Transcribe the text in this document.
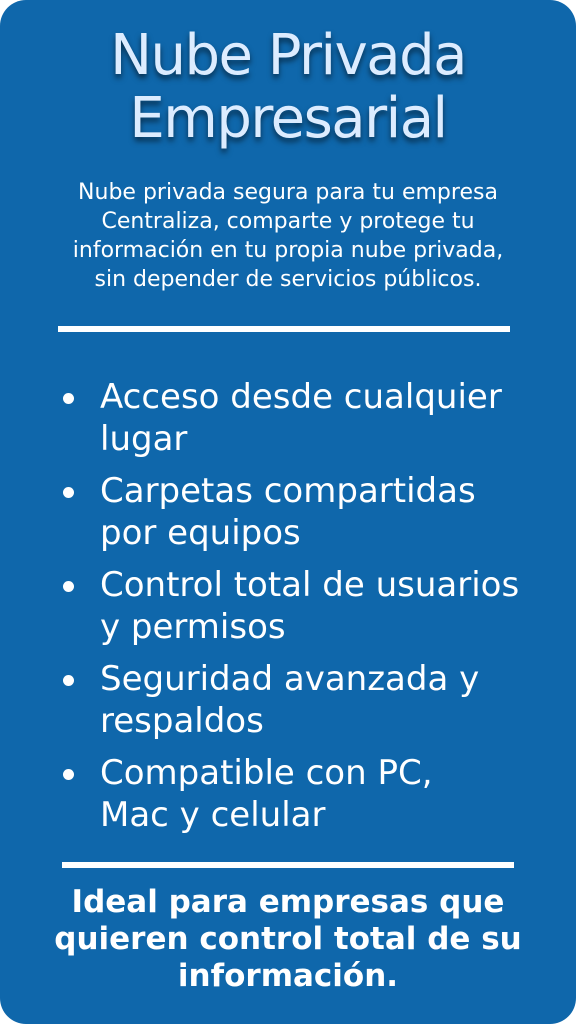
Nube Privada
Empresarial
Nube privada segura para tu empresa
Centraliza, comparte y protege tu
información en tu propia nube privada,
sin depender de servicios públicos.
Acceso desde cualquier
lugar
Carpetas compartidas
por equipos
Control total de usuarios
y permisos
Seguridad avanzada y
respaldos
Compatible con PC,
Mac y celular
Ideal para empresas que
quieren control total de su
información.
